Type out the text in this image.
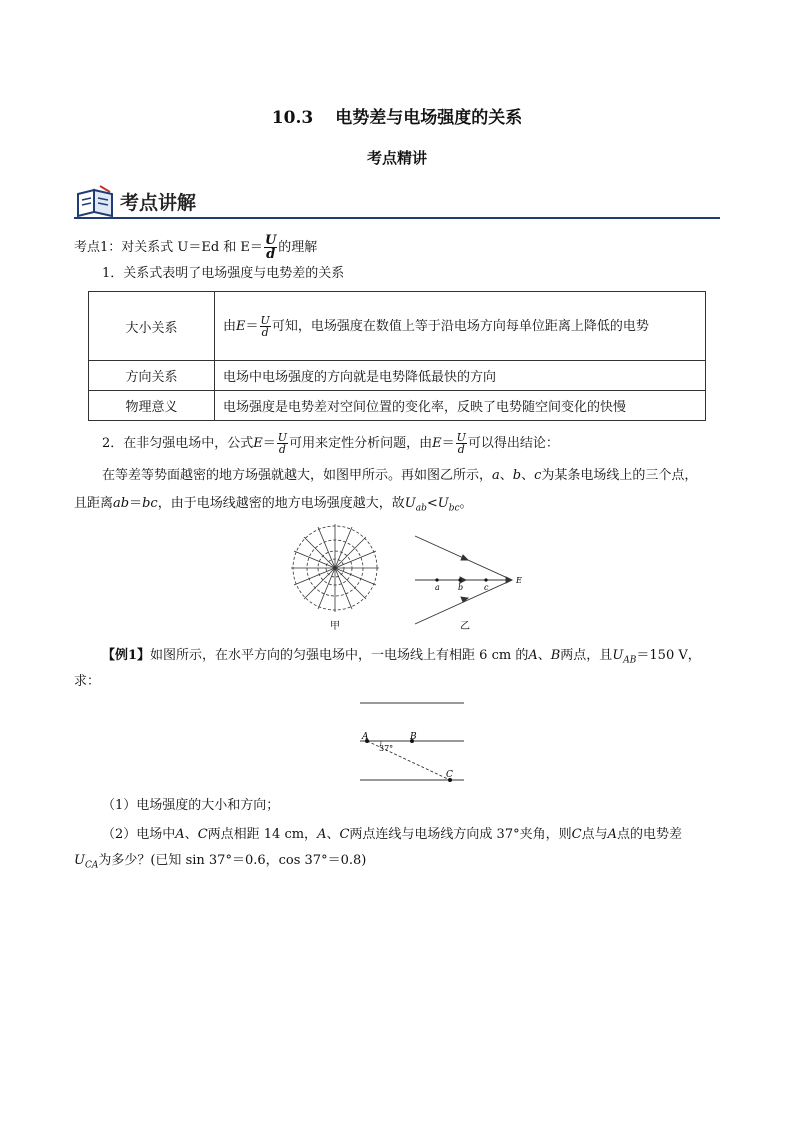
10.3 电势差与电场强度的关系
考点精讲
考点讲解
考点1：对关系式 U＝Ed 和 $E= \frac{U}{d}$ 的理解
1．关系式表明了电场强度与电势差的关系
大小关系	由$E= \frac{U}{d}$ 可知，电场强度在数值上等于沿电场方向每单位距离上降低的电势
方向关系	电场中电场强度的方向就是电势降低最快的方向
物理意义	电场强度是电势差对空间位置的变化率，反映了电势随空间变化的快慢
2．在非匀强电场中，公式$E= \frac{U}{d}$ 可用来定性分析问题，由$E= \frac{U}{d}$ 可以得出结论：
在等差等势面越密的地方场强就越大，如图甲所示。再如图乙所示，a、b、c为某条电场线上的三个点，
且距离ab＝bc，由于电场线越密的地方电场强度越大，故$U_{ab}<U_{bc}$。
甲
a b	c
E
乙
【例1】如图所示，在水平方向的匀强电场中，一电场线上有相距 6 cm 的A、B两点，且$U_{AB}=150$ V，
求：
A	B
C
37°
（1）电场强度的大小和方向；
（2）电场中A、C两点相距 14 cm，A、C两点连线与电场线方向成 37°夹角，则C点与A点的电势差
$U_{CA}$为多少？(已知 sin 37°＝0.6，cos 37°＝0.8)
